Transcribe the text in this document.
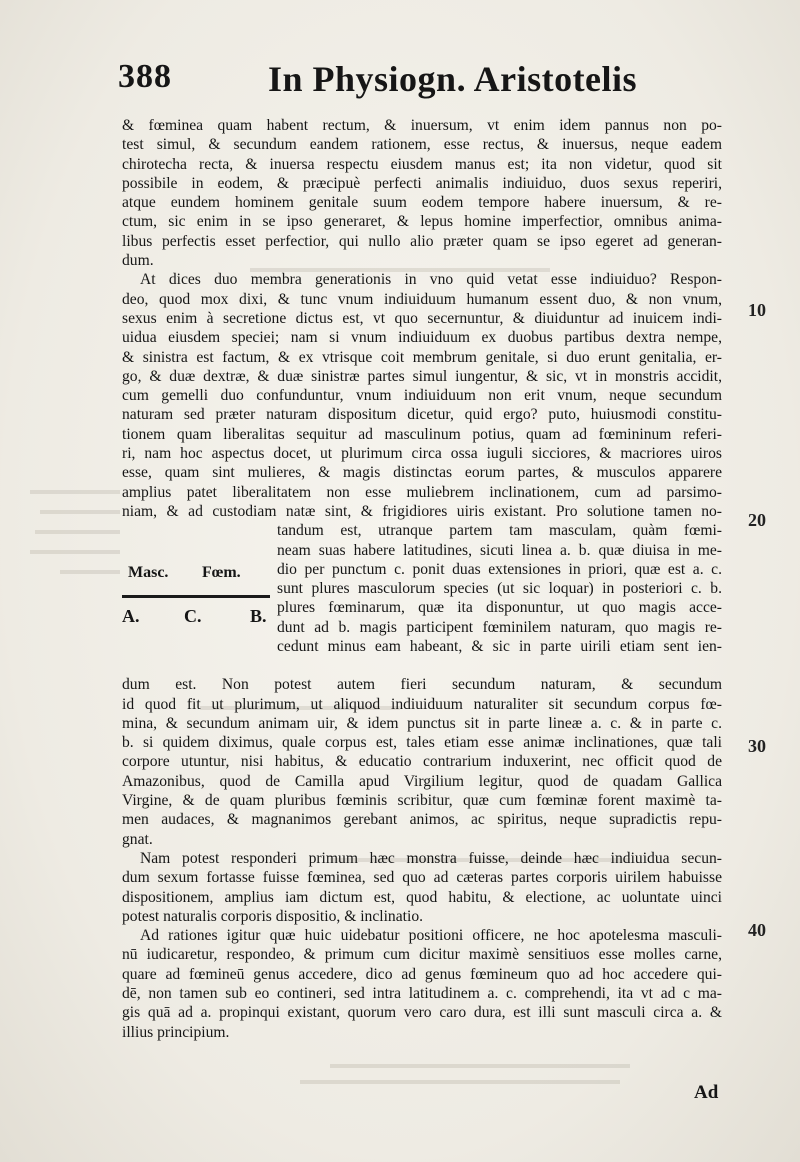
388	In Physiogn. Aristotelis

& fœminea quam habent rectum, & inuersum, vt enim idem pannus non po-
test simul, & secundum eandem rationem, esse rectus, & inuersus, neque eadem
chirotecha recta, & inuersa respectu eiusdem manus est; ita non videtur, quod sit
possibile in eodem, & præcipuè perfecti animalis indiuiduo, duos sexus reperiri,
atque eundem hominem genitale suum eodem tempore habere inuersum, & re-
ctum, sic enim in se ipso generaret, & lepus homine imperfectior, omnibus anima-
libus perfectis esset perfectior, qui nullo alio præter quam se ipso egeret ad generan-
dum.

At dices duo membra generationis in vno quid vetat esse indiuiduo? Respon-
deo, quod mox dixi, & tunc vnum indiuiduum humanum essent duo, & non vnum,
sexus enim à secretione dictus est, vt quo secernuntur, & diuiduntur ad inuicem indi-
uidua eiusdem speciei; nam si vnum indiuiduum ex duobus partibus dextra nempe,
& sinistra est factum, & ex vtrisque coit membrum genitale, si duo erunt genitalia, er-
go, & duæ dextræ, & duæ sinistræ partes simul iungentur, & sic, vt in monstris accidit,
cum gemelli duo confunduntur, vnum indiuiduum non erit vnum, neque secundum
naturam sed præter naturam dispositum dicetur, quid ergo? puto, huiusmodi constitu-
tionem quam liberalitas sequitur ad masculinum potius, quam ad fœmininum referi-
ri, nam hoc aspectus docet, ut plurimum circa ossa iuguli sicciores, & macriores uiros
esse, quam sint mulieres, & magis distinctas eorum partes, & musculos apparere
amplius patet liberalitatem non esse muliebrem inclinationem, cum ad parsimo-
niam, & ad custodiam natæ sint, & frigidiores uiris existant. Pro solutione tamen no-

Masc. Fœm.
A. C.	B.
tandum est, utranque partem tam masculam, quàm fœmi-
neam suas habere latitudines, sicuti linea a. b. quæ diuisa in me-
dio per punctum c. ponit duas extensiones in priori, quæ est a. c.
sunt plures masculorum species (ut sic loquar) in posteriori c. b.
plures fœminarum, quæ ita disponuntur, ut quo magis acce-
dunt ad b. magis participent fœminilem naturam, quo magis re-
cedunt minus eam habeant, & sic in parte uirili etiam sent ien-

dum est. Non potest autem fieri secundum naturam, & secundum
id quod fit ut plurimum, ut aliquod indiuiduum naturaliter sit secundum corpus fœ-
mina, & secundum animam uir, & idem punctus sit in parte lineæ a. c. & in parte c.
b. si quidem diximus, quale corpus est, tales etiam esse animæ inclinationes, quæ tali
corpore utuntur, nisi habitus, & educatio contrarium induxerint, nec officit quod de
Amazonibus, quod de Camilla apud Virgilium legitur, quod de quadam Gallica
Virgine, & de quam pluribus fœminis scribitur, quæ cum fœminæ forent maximè ta-
men audaces, & magnanimos gerebant animos, ac spiritus, neque supradictis repu-
gnat.

Nam potest responderi primum hæc monstra fuisse, deinde hæc indiuidua secun-
dum sexum fortasse fuisse fœminea, sed quo ad cæteras partes corporis uirilem habuisse
dispositionem, amplius iam dictum est, quod habitu, & electione, ac uoluntate uinci
potest naturalis corporis dispositio, & inclinatio.

Ad rationes igitur quæ huic uidebatur positioni officere, ne hoc apotelesma masculi-
nū iudicaretur, respondeo, & primum cum dicitur maximè sensitiuos esse molles carne,
quare ad fœmineū genus accedere, dico ad genus fœmineum quo ad hoc accedere qui-
dē, non tamen sub eo contineri, sed intra latitudinem a. c. comprehendi, ita vt ad c ma-
gis quā ad a. propinqui existant, quorum vero caro dura, est illi sunt masculi circa a. &
illius principium.

10
20
30
40
Ad
